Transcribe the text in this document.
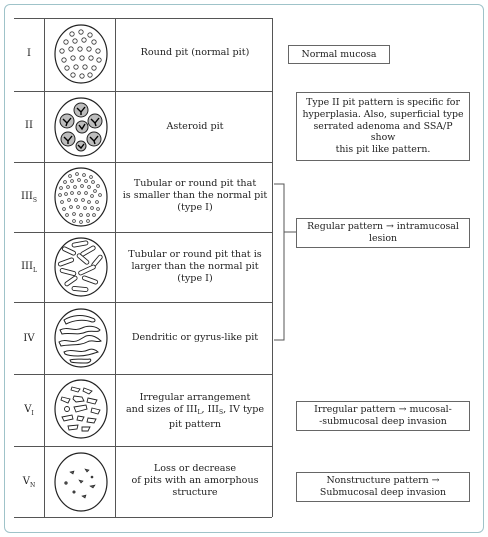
I
II
$III_S$
$III_L$
IV
$V_I$
$V_N$
Round pit (normal pit)
Asteroid pit
Tubular or round pit that
is smaller than the normal pit
(type I)
Tubular or round pit that is
larger than the normal pit
(type I)
Dendritic or gyrus-like pit
Irregular arrangement
and sizes of $III_L$, $III_S$, IV type
pit pattern
Loss or decrease
of pits with an amorphous
structure
Normal mucosa
Type II pit pattern is specific for
hyperplasia. Also, superficial type
serrated adenoma and SSA/P show
this pit like pattern.
Regular pattern → intramucosal
lesion
Irregular pattern → mucosal-
-submucosal deep invasion
Nonstructure pattern →
Submucosal deep invasion
